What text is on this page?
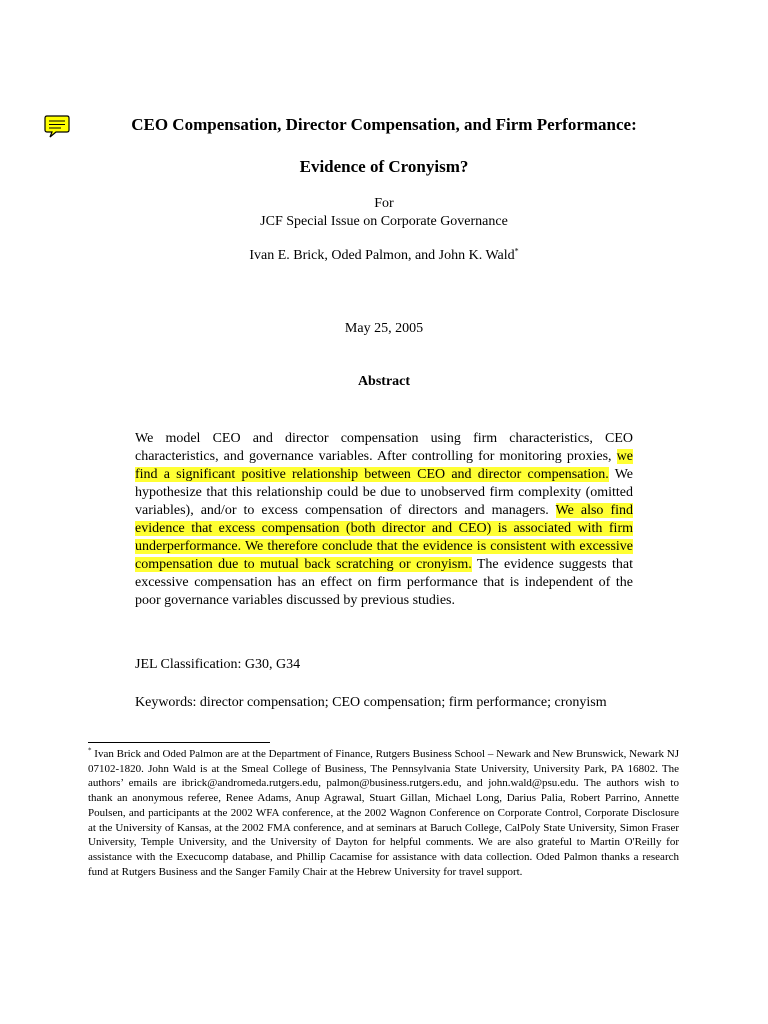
CEO Compensation, Director Compensation, and Firm Performance:
Evidence of Cronyism?
For
JCF Special Issue on Corporate Governance
Ivan E. Brick, Oded Palmon, and John K. Wald*
May 25, 2005
Abstract

We model CEO and director compensation using firm characteristics, CEO characteristics, and governance variables. After controlling for monitoring proxies, we find a significant positive relationship between CEO and director compensation. We hypothesize that this relationship could be due to unobserved firm complexity (omitted variables), and/or to excess compensation of directors and managers. We also find evidence that excess compensation (both director and CEO) is associated with firm underperformance. We therefore conclude that the evidence is consistent with excessive compensation due to mutual back scratching or cronyism. The evidence suggests that excessive compensation has an effect on firm performance that is independent of the poor governance variables discussed by previous studies.

JEL Classification: G30, G34

Keywords: director compensation; CEO compensation; firm performance; cronyism

* Ivan Brick and Oded Palmon are at the Department of Finance, Rutgers Business School – Newark and New Brunswick, Newark NJ 07102-1820. John Wald is at the Smeal College of Business, The Pennsylvania State University, University Park, PA 16802. The authors’ emails are ibrick@andromeda.rutgers.edu, palmon@business.rutgers.edu, and john.wald@psu.edu. The authors wish to thank an anonymous referee, Renee Adams, Anup Agrawal, Stuart Gillan, Michael Long, Darius Palia, Robert Parrino, Annette Poulsen, and participants at the 2002 WFA conference, at the 2002 Wagnon Conference on Corporate Control, Corporate Disclosure at the University of Kansas, at the 2002 FMA conference, and at seminars at Baruch College, CalPoly State University, Simon Fraser University, Temple University, and the University of Dayton for helpful comments. We are also grateful to Martin O'Reilly for assistance with the Execucomp database, and Phillip Cacamise for assistance with data collection. Oded Palmon thanks a research fund at Rutgers Business and the Sanger Family Chair at the Hebrew University for travel support.
